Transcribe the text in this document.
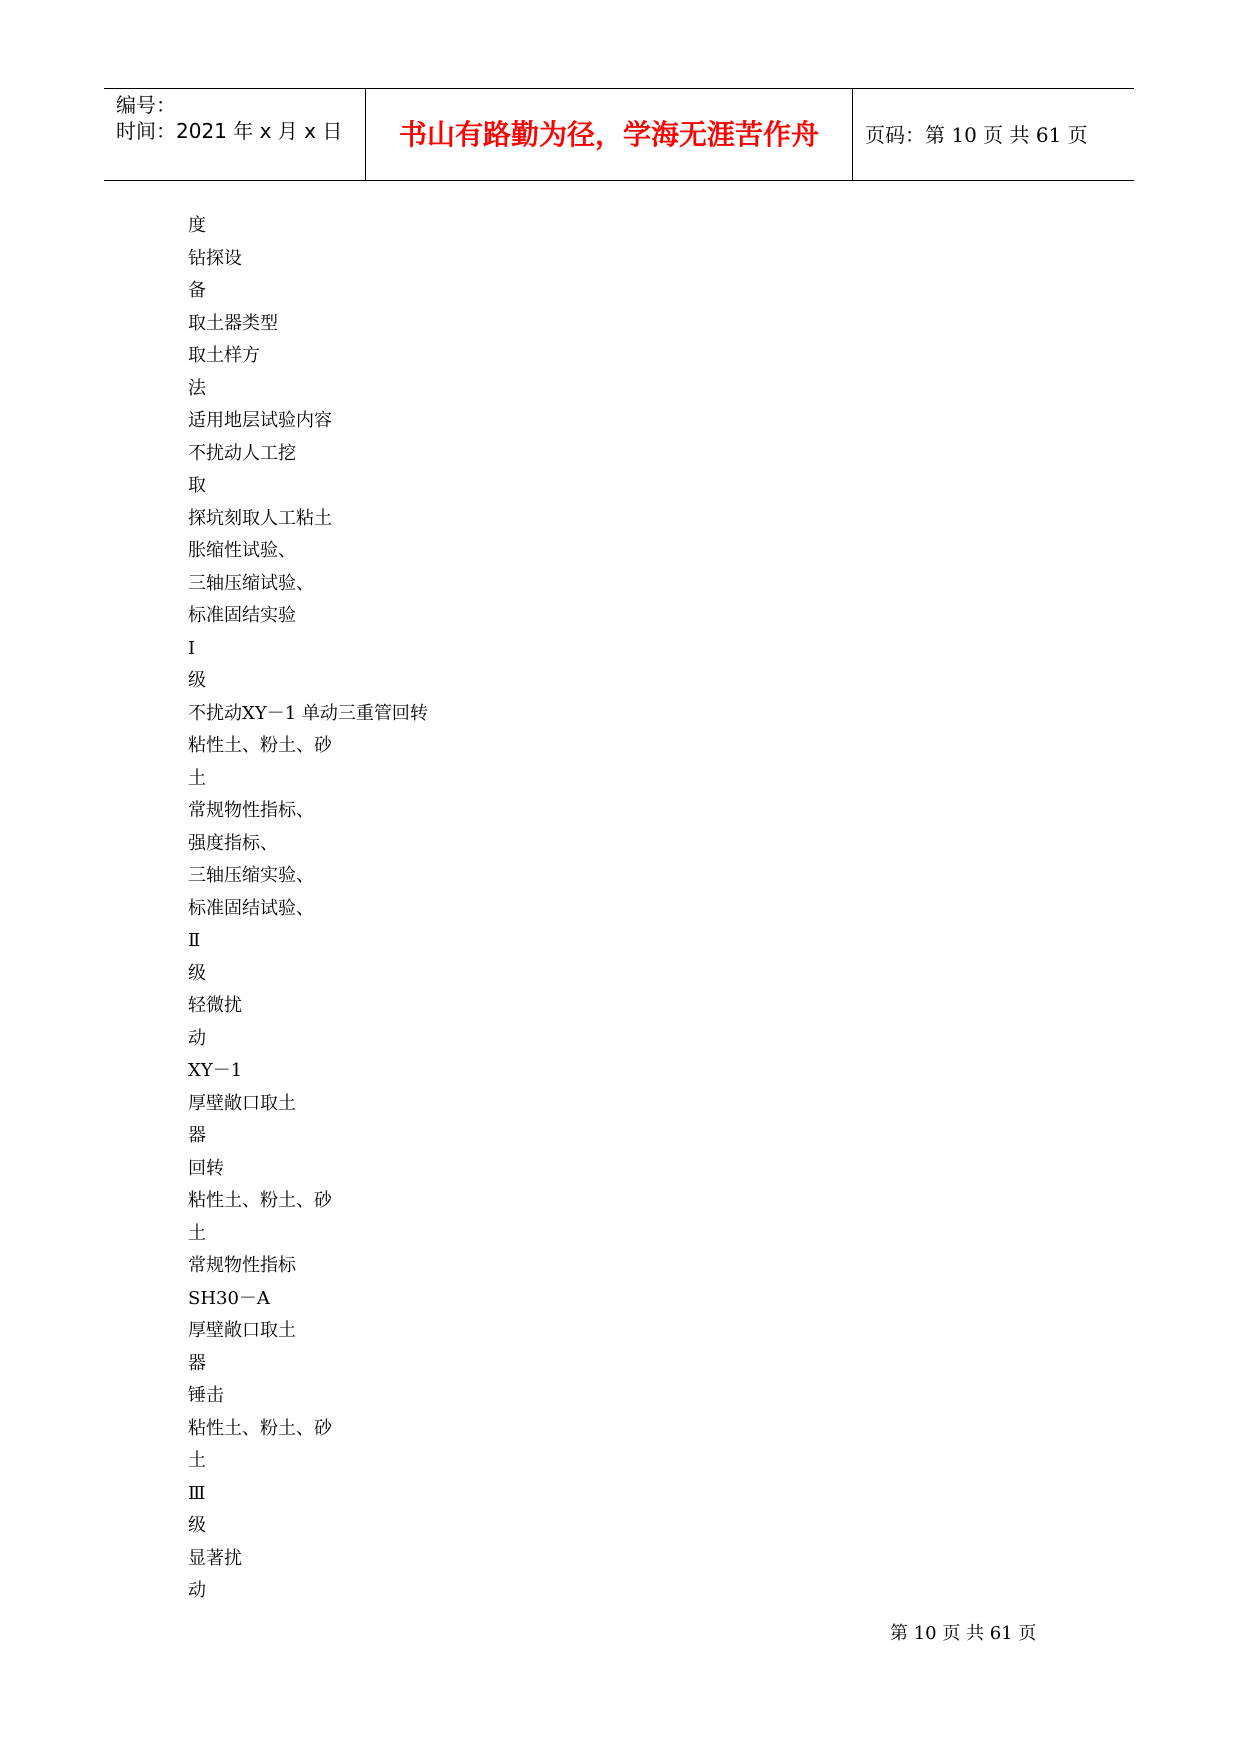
编号：
时间：2021 年 x 月 x 日	书山有路勤为径，学海无涯苦作舟	页码：第 10 页 共 61 页
度
钻探设
备
取土器类型
取土样方
法
适用地层试验内容
不扰动人工挖
取
探坑刻取人工粘土
胀缩性试验、
三轴压缩试验、
标准固结实验
Ⅰ
级
不扰动XY－1 单动三重管回转
粘性土、粉土、砂
土
常规物性指标、
强度指标、
三轴压缩实验、
标准固结试验、
Ⅱ
级
轻微扰
动
XY－1
厚壁敞口取土
器
回转
粘性土、粉土、砂
土
常规物性指标
SH30－A
厚壁敞口取土
器
锤击
粘性土、粉土、砂
土
Ⅲ
级
显著扰
动
第 10 页 共 61 页
